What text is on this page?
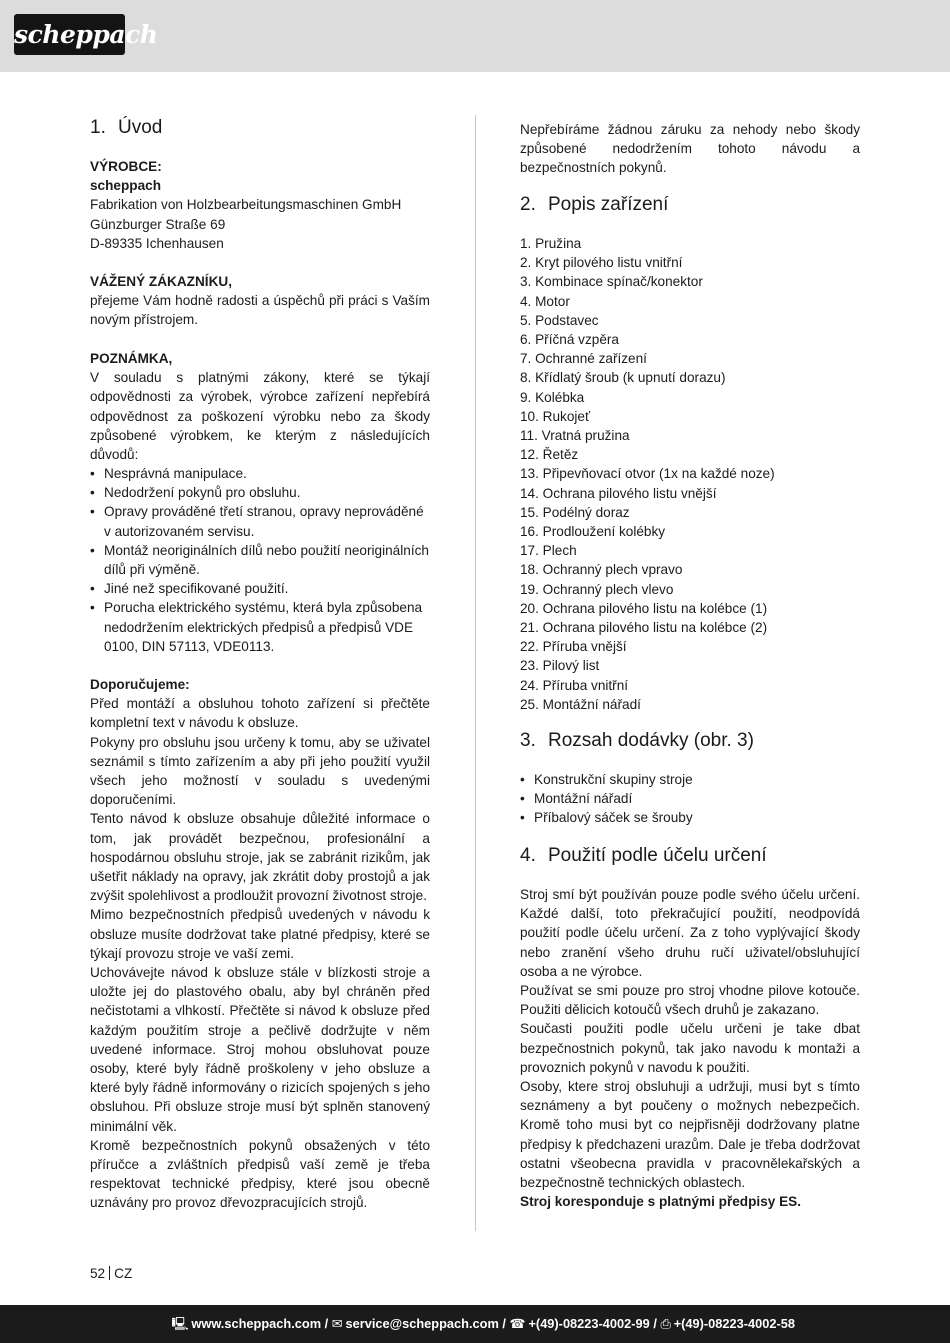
scheppach
1. Úvod
VÝROBCE:
scheppach
Fabrikation von Holzbearbeitungsmaschinen GmbH
Günzburger Straße 69
D-89335 Ichenhausen
VÁŽENÝ ZÁKAZNÍKU,
přejeme Vám hodně radosti a úspěchů při práci s Vaším novým přístrojem.
POZNÁMKA,
V souladu s platnými zákony, které se týkají odpovědnosti za výrobek, výrobce zařízení nepřebírá odpovědnost za poškození výrobku nebo za škody způsobené výrobkem, ke kterým z následujících důvodů:
• Nesprávná manipulace.
• Nedodržení pokynů pro obsluhu.
• Opravy prováděné třetí stranou, opravy neprováděné v autorizovaném servisu.
• Montáž neoriginálních dílů nebo použití neoriginálních dílů při výměně.
• Jiné než specifikované použití.
• Porucha elektrického systému, která byla způsobena nedodržením elektrických předpisů a předpisů VDE 0100, DIN 57113, VDE0113.
Doporučujeme:
Před montáží a obsluhou tohoto zařízení si přečtěte kompletní text v návodu k obsluze.
Pokyny pro obsluhu jsou určeny k tomu, aby se uživatel seznámil s tímto zařízením a aby při jeho použití využil všech jeho možností v souladu s uvedenými doporučeními.
Tento návod k obsluze obsahuje důležité informace o tom, jak provádět bezpečnou, profesionální a hospodárnou obsluhu stroje, jak se zabránit rizikům, jak ušetřit náklady na opravy, jak zkrátit doby prostojů a jak zvýšit spolehlivost a prodloužit provozní životnost stroje.
Mimo bezpečnostních předpisů uvedených v návodu k obsluze musíte dodržovat take platné předpisy, které se týkají provozu stroje ve vaší zemi.
Uchovávejte návod k obsluze stále v blízkosti stroje a uložte jej do plastového obalu, aby byl chráněn před nečistotami a vlhkostí. Přečtěte si návod k obsluze před každým použitím stroje a pečlivě dodržujte v něm uvedené informace. Stroj mohou obsluhovat pouze osoby, které byly řádně proškoleny v jeho obsluze a které byly řádně informovány o rizicích spojených s jeho obsluhou. Při obsluze stroje musí být splněn stanovený minimální věk.
Kromě bezpečnostních pokynů obsažených v této příručce a zvláštních předpisů vaší země je třeba respektovat technické předpisy, které jsou obecně uznávány pro provoz dřevozpracujících strojů.
Nepřebíráme žádnou záruku za nehody nebo škody způsobené nedodržením tohoto návodu a bezpečnostních pokynů.
2. Popis zařízení
1. Pružina
2. Kryt pilového listu vnitřní
3. Kombinace spínač/konektor
4. Motor
5. Podstavec
6. Příčná vzpěra
7. Ochranné zařízení
8. Křídlatý šroub (k upnutí dorazu)
9. Kolébka
10. Rukojeť
11. Vratná pružina
12. Řetěz
13. Připevňovací otvor (1x na každé noze)
14. Ochrana pilového listu vnější
15. Podélný doraz
16. Prodloužení kolébky
17. Plech
18. Ochranný plech vpravo
19. Ochranný plech vlevo
20. Ochrana pilového listu na kolébce (1)
21. Ochrana pilového listu na kolébce (2)
22. Příruba vnější
23. Pilový list
24. Příruba vnitřní
25. Montážní nářadí
3. Rozsah dodávky (obr. 3)
• Konstrukční skupiny stroje
• Montážní nářadí
• Příbalový sáček se šrouby
4. Použití podle účelu určení
Stroj smí být používán pouze podle svého účelu určení. Každé další, toto překračující použití, neodpovídá použití podle účelu určení. Za z toho vyplývající škody nebo zranění všeho druhu ručí uživatel/obsluhující osoba a ne výrobce.
Používat se smi pouze pro stroj vhodne pilove kotouče. Použiti dělicich kotoučů všech druhů je zakazano.
Současti použiti podle učelu určeni je take dbat bezpečnostnich pokynů, tak jako navodu k montaži a provoznich pokynů v navodu k použiti.
Osoby, ktere stroj obsluhuji a udržuji, musi byt s tímto seznámeny a byt poučeny o možnych nebezpečich. Kromě toho musi byt co nejpřisněji dodržovany platne předpisy k předchazeni urazům. Dale je třeba dodržovat ostatni všeobecna pravidla v pracovnělekařských a bezpečnostně technických oblastech.
Stroj koresponduje s platnými předpisy ES.
52 CZ
🖳 www.scheppach.com / ✉ service@scheppach.com / ☎ +(49)-08223-4002-99 / ⎙ +(49)-08223-4002-58
